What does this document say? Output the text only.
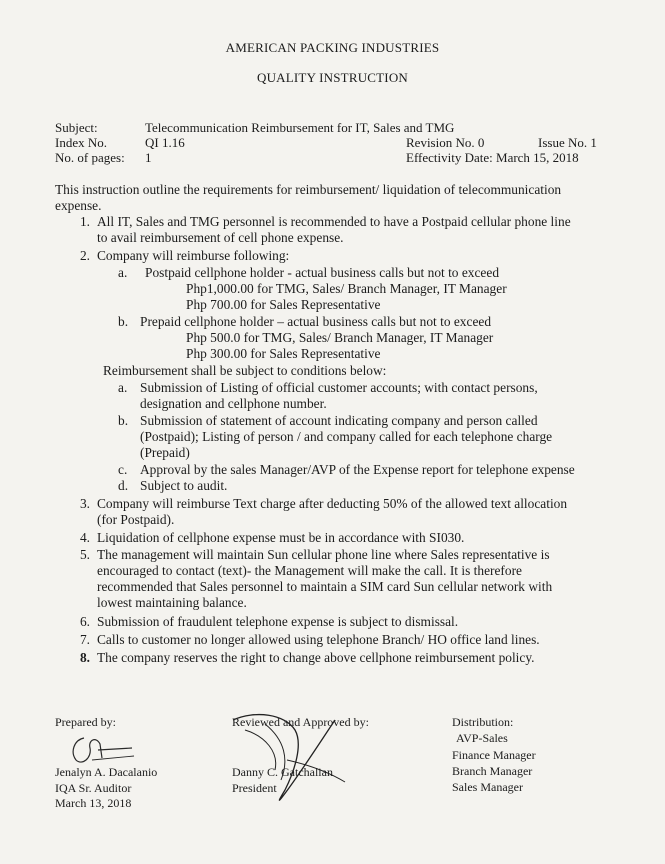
AMERICAN PACKING INDUSTRIES
QUALITY INSTRUCTION
Subject:	Telecommunication Reimbursement for IT, Sales and TMG
Index No.	QI 1.16	Revision No. 0	Issue No. 1
No. of pages: 1	Effectivity Date: March 15, 2018
This instruction outline the requirements for reimbursement/ liquidation of telecommunication
expense.
1. All IT, Sales and TMG personnel is recommended to have a Postpaid cellular phone line
to avail reimbursement of cell phone expense.
2. Company will reimburse following:
a. Postpaid cellphone holder - actual business calls but not to exceed
Php1,000.00 for TMG, Sales/ Branch Manager, IT Manager
Php 700.00 for Sales Representative
b. Prepaid cellphone holder – actual business calls but not to exceed
Php 500.0 for TMG, Sales/ Branch Manager, IT Manager
Php 300.00 for Sales Representative
Reimbursement shall be subject to conditions below:
a. Submission of Listing of official customer accounts; with contact persons,
designation and cellphone number.
b. Submission of statement of account indicating company and person called
(Postpaid); Listing of person / and company called for each telephone charge
(Prepaid)
c. Approval by the sales Manager/AVP of the Expense report for telephone expense
d. Subject to audit.
3. Company will reimburse Text charge after deducting 50% of the allowed text allocation
(for Postpaid).
4. Liquidation of cellphone expense must be in accordance with SI030.
5. The management will maintain Sun cellular phone line where Sales representative is
encouraged to contact (text)- the Management will make the call. It is therefore
recommended that Sales personnel to maintain a SIM card Sun cellular network with
lowest maintaining balance.
6. Submission of fraudulent telephone expense is subject to dismissal.
7. Calls to customer no longer allowed using telephone Branch/ HO office land lines.
8. The company reserves the right to change above cellphone reimbursement policy.
Prepared by:
Jenalyn A. Dacalanio
IQA Sr. Auditor
March 13, 2018
Reviewed and Approved by:
Danny C. Gatchalian
President
Distribution:
AVP-Sales
Finance Manager
Branch Manager
Sales Manager
